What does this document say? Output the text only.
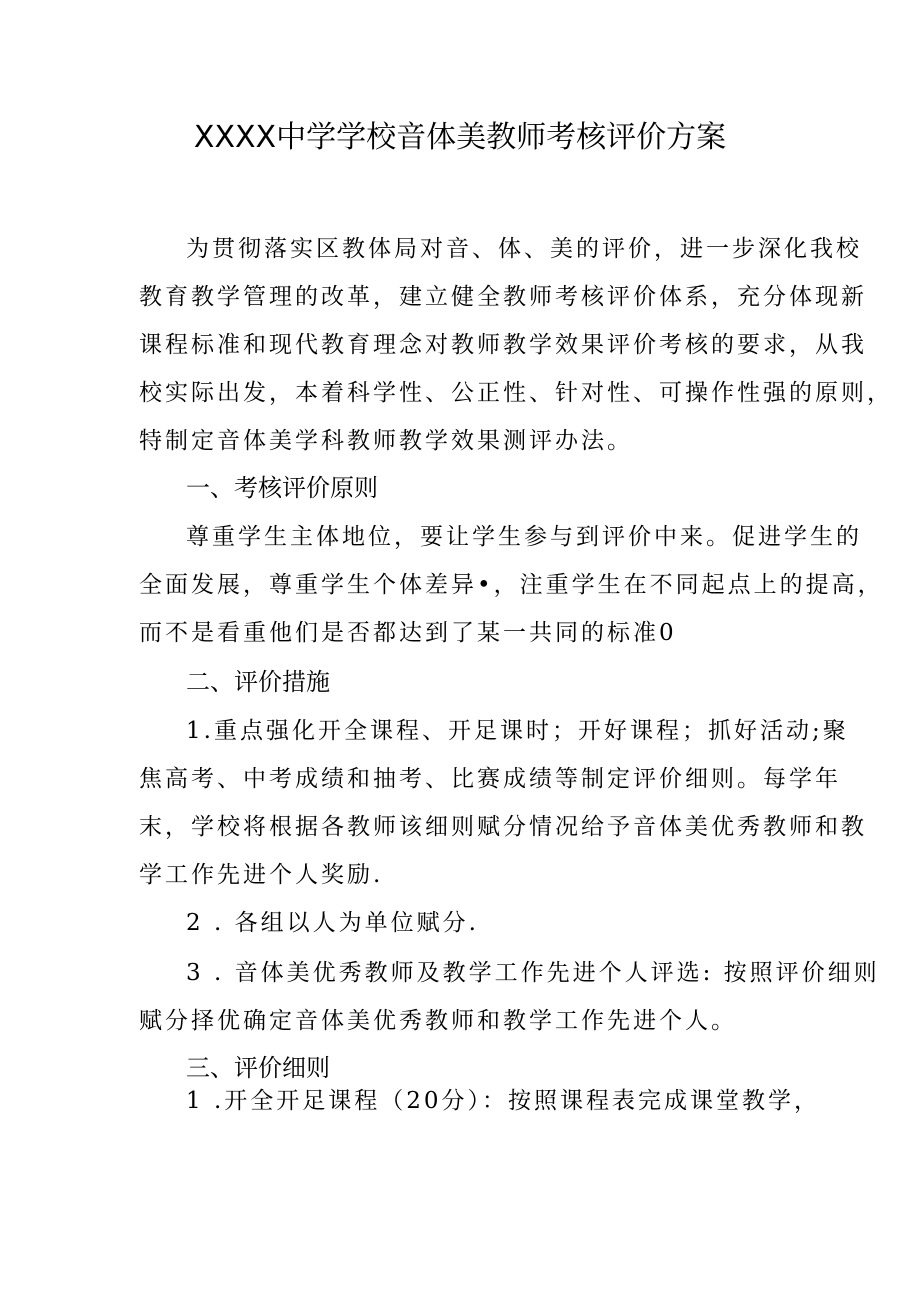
XXXX中学学校音体美教师考核评价方案
为贯彻落实区教体局对音、体、美的评价，进一步深化我校
教育教学管理的改革，建立健全教师考核评价体系，充分体现新
课程标准和现代教育理念对教师教学效果评价考核的要求，从我
校实际出发，本着科学性、公正性、针对性、可操作性强的原则，
特制定音体美学科教师教学效果测评办法。
一、考核评价原则
尊重学生主体地位，要让学生参与到评价中来。促进学生的
全面发展，尊重学生个体差异•，注重学生在不同起点上的提高，
而不是看重他们是否都达到了某一共同的标准0
二、评价措施
1.重点强化开全课程、开足课时；开好课程；抓好活动;聚
焦高考、中考成绩和抽考、比赛成绩等制定评价细则。每学年
末，学校将根据各教师该细则赋分情况给予音体美优秀教师和教
学工作先进个人奖励.
2 . 各组以人为单位赋分.
3 . 音体美优秀教师及教学工作先进个人评选: 按照评价细则
赋分择优确定音体美优秀教师和教学工作先进个人。
三、评价细则
1 .开全开足课程（20分）：按照课程表完成课堂教学，
